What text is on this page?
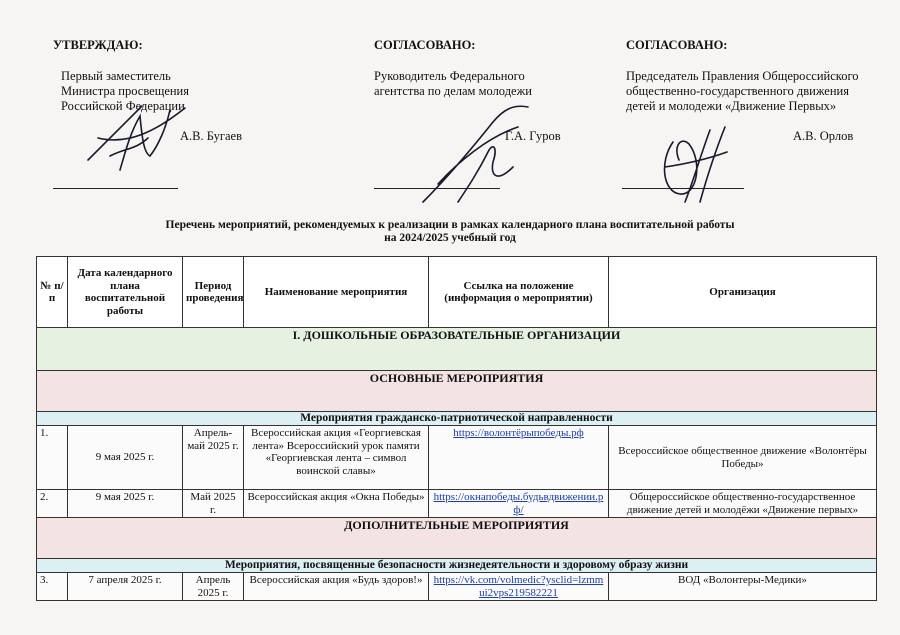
УТВЕРЖДАЮ:
Первый заместитель
Министра просвещения
Российской Федерации
СОГЛАСОВАНО:
Руководитель Федерального
агентства по делам молодежи
СОГЛАСОВАНО:
Председатель Правления Общероссийского
общественно-государственного движения
детей и молодежи «Движение Первых»
А.В. Бугаев	Г.А. Гуров	А.В. Орлов
Перечень мероприятий, рекомендуемых к реализации в рамках календарного плана воспитательной работы
на 2024/2025 учебный год
№ п/п	Дата календарного плана воспитательной работы	Период проведения	Наименование мероприятия	Ссылка на положение (информация о мероприятии)	Организация
I. ДОШКОЛЬНЫЕ ОБРАЗОВАТЕЛЬНЫЕ ОРГАНИЗАЦИИ					
ОСНОВНЫЕ МЕРОПРИЯТИЯ					
Мероприятия гражданско-патриотической направленности					
1.	9 мая 2025 г.	Апрель-май 2025 г.	Всероссийская акция «Георгиевская лента» Всероссийский урок памяти «Георгиевская лента – символ воинской славы»	https://волонтёрыпобеды.рф	Всероссийское общественное движение «Волонтёры Победы»
2.	9 мая 2025 г.	Май 2025 г.	Всероссийская акция «Окна Победы»	https://окнапобеды.будьвдвижении.рф/	Общероссийское общественно-государственное движение детей и молодёжи «Движение первых»
ДОПОЛНИТЕЛЬНЫЕ МЕРОПРИЯТИЯ					
Мероприятия, посвященные безопасности жизнедеятельности и здоровому образу жизни					
3.	7 апреля 2025 г.	Апрель 2025 г.	Всероссийская акция «Будь здоров!»	https://vk.com/volmedic?ysclid=lzmmui2vps219582221	ВОД «Волонтеры-Медики»
